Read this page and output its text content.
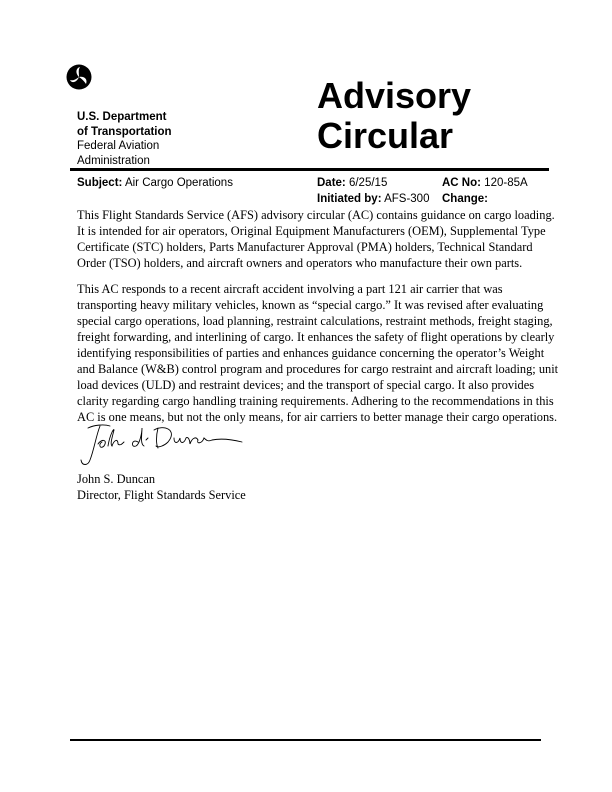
U.S. Department
of Transportation
Federal Aviation
Administration
Advisory
Circular
Subject: Air Cargo Operations	Date: 6/25/15	AC No: 120-85A
Initiated by: AFS-300 Change:
This Flight Standards Service (AFS) advisory circular (AC) contains guidance on cargo loading.
It is intended for air operators, Original Equipment Manufacturers (OEM), Supplemental Type
Certificate (STC) holders, Parts Manufacturer Approval (PMA) holders, Technical Standard
Order (TSO) holders, and aircraft owners and operators who manufacture their own parts.
This AC responds to a recent aircraft accident involving a part 121 air carrier that was
transporting heavy military vehicles, known as “special cargo.” It was revised after evaluating
special cargo operations, load planning, restraint calculations, restraint methods, freight staging,
freight forwarding, and interlining of cargo. It enhances the safety of flight operations by clearly
identifying responsibilities of parties and enhances guidance concerning the operator’s Weight
and Balance (W&B) control program and procedures for cargo restraint and aircraft loading; unit
load devices (ULD) and restraint devices; and the transport of special cargo. It also provides
clarity regarding cargo handling training requirements. Adhering to the recommendations in this
AC is one means, but not the only means, for air carriers to better manage their cargo operations.
John S. Duncan
Director, Flight Standards Service
